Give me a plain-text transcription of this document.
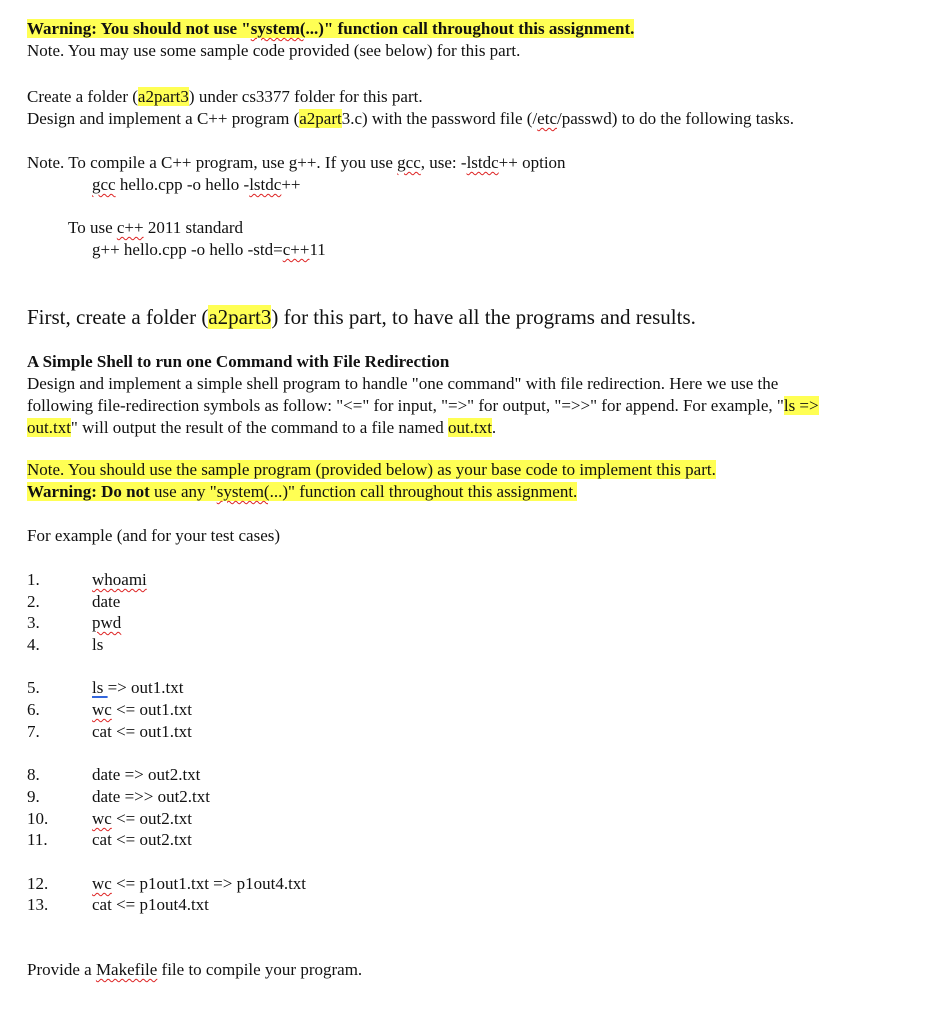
Warning: You should not use "system(...)" function call throughout this assignment.
Note. You may use some sample code provided (see below) for this part.
Create a folder (a2part3) under cs3377 folder for this part.
Design and implement a C++ program (a2part3.c) with the password file (/etc/passwd) to do the following tasks.
Note. To compile a C++ program, use g++. If you use gcc, use: -lstdc++ option
gcc hello.cpp -o hello -lstdc++
To use c++ 2011 standard
g++ hello.cpp -o hello -std=c++11
First, create a folder (a2part3) for this part, to have all the programs and results.
A Simple Shell to run one Command with File Redirection
Design and implement a simple shell program to handle "one command" with file redirection. Here we use the
following file-redirection symbols as follow: "<=" for input, "=>" for output, "=>>" for append. For example, "ls =>
out.txt" will output the result of the command to a file named out.txt.
Note. You should use the sample program (provided below) as your base code to implement this part.
Warning: Do not use any "system(...)" function call throughout this assignment.
For example (and for your test cases)
1.	whoami
2.	date
3.	pwd
4.	ls
5.	ls => out1.txt
6.	wc <= out1.txt
7.	cat <= out1.txt
8.	date => out2.txt
9.	date =>> out2.txt
10.	wc <= out2.txt
11.	cat <= out2.txt
12.	wc <= p1out1.txt => p1out4.txt
13.	cat <= p1out4.txt
Provide a Makefile file to compile your program.
